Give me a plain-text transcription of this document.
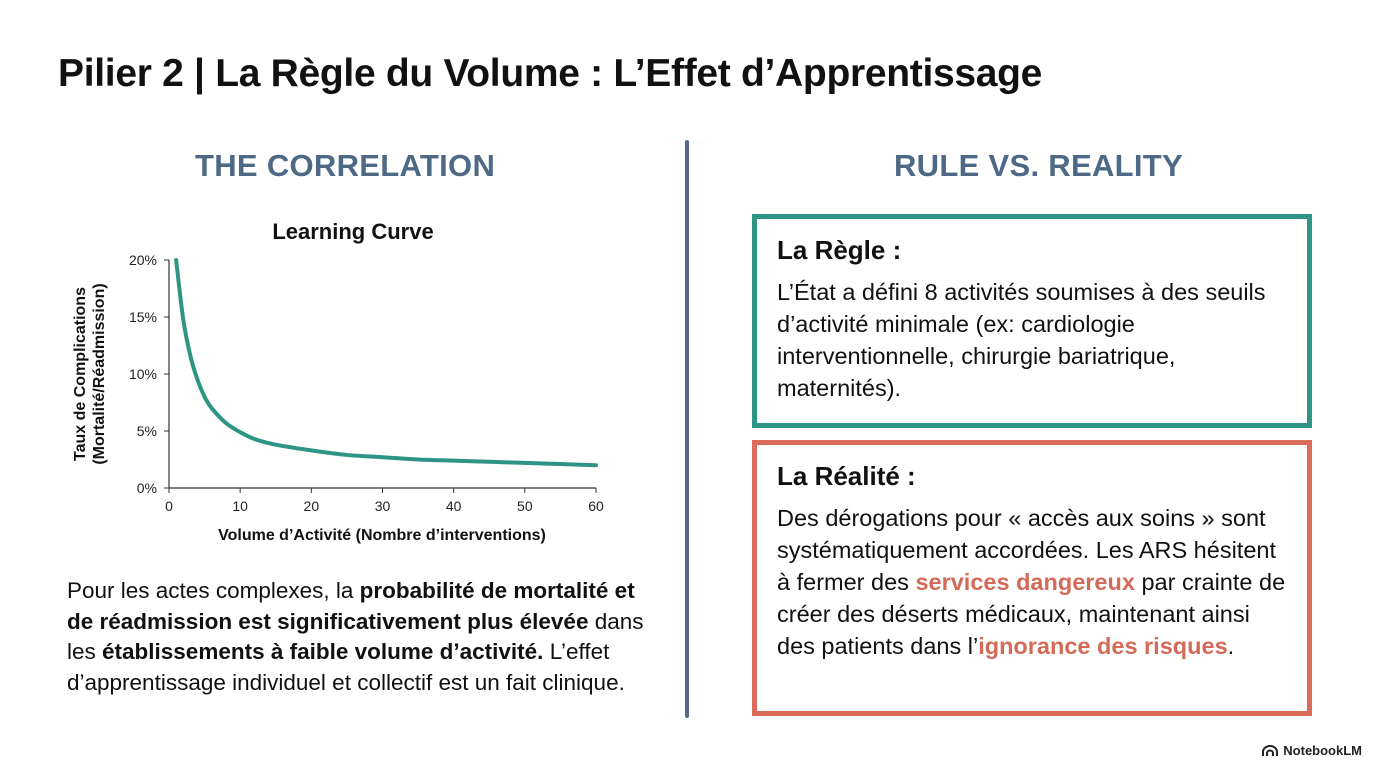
Pilier 2 | La Règle du Volume : L’Effet d’Apprentissage
THE CORRELATION	RULE VS. REALITY
Learning Curve
Taux de Complications (Mortalité/Réadmission)
0%
5%
10%
15%
20%
0	10	20	30	40	50	60
Volume d’Activité (Nombre d’interventions)

Pour les actes complexes, la probabilité de mortalité et de réadmission est significativement plus élevée dans les établissements à faible volume d’activité. L’effet d’apprentissage individuel et collectif est un fait clinique.

La Règle :

L’État a défini 8 activités soumises à des seuils d’activité minimale (ex: cardiologie interventionnelle, chirurgie bariatrique, maternités).

La Réalité :

Des dérogations pour « accès aux soins » sont systématiquement accordées. Les ARS hésitent à fermer des services dangereux par crainte de créer des déserts médicaux, maintenant ainsi des patients dans l’ignorance des risques.

NotebookLM
